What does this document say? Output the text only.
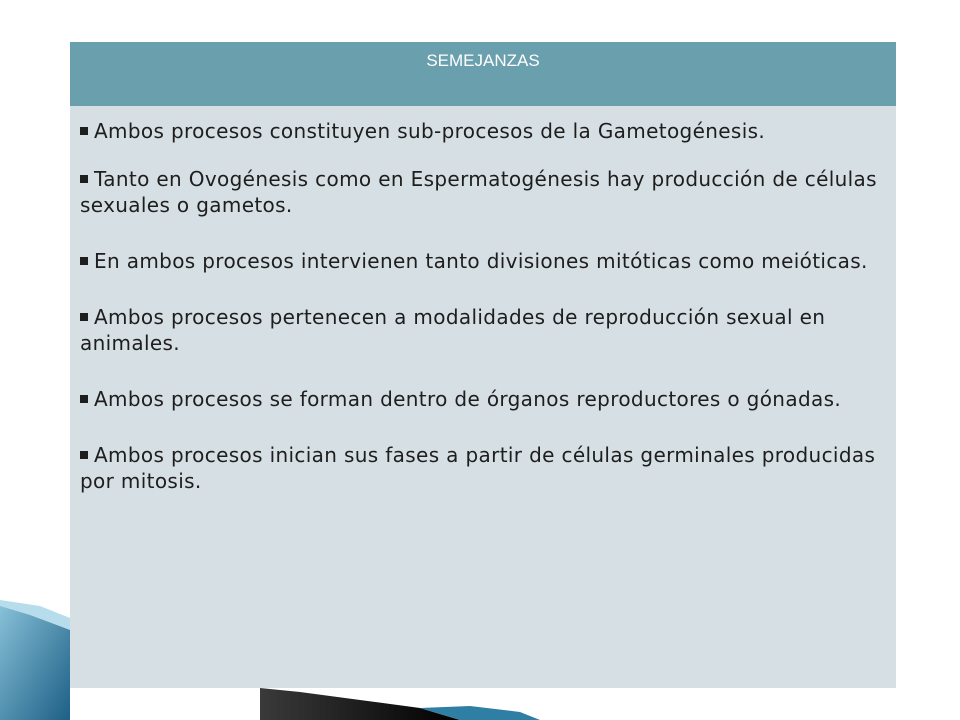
SEMEJANZAS
Ambos procesos constituyen sub-procesos de la Gametogénesis.
Tanto en Ovogénesis como en Espermatogénesis hay producción de células sexuales o gametos.
En ambos procesos intervienen tanto divisiones mitóticas como meióticas.
Ambos procesos pertenecen a modalidades de reproducción sexual en animales.
Ambos procesos se forman dentro de órganos reproductores o gónadas.
Ambos procesos inician sus fases a partir de células germinales producidas por mitosis.
